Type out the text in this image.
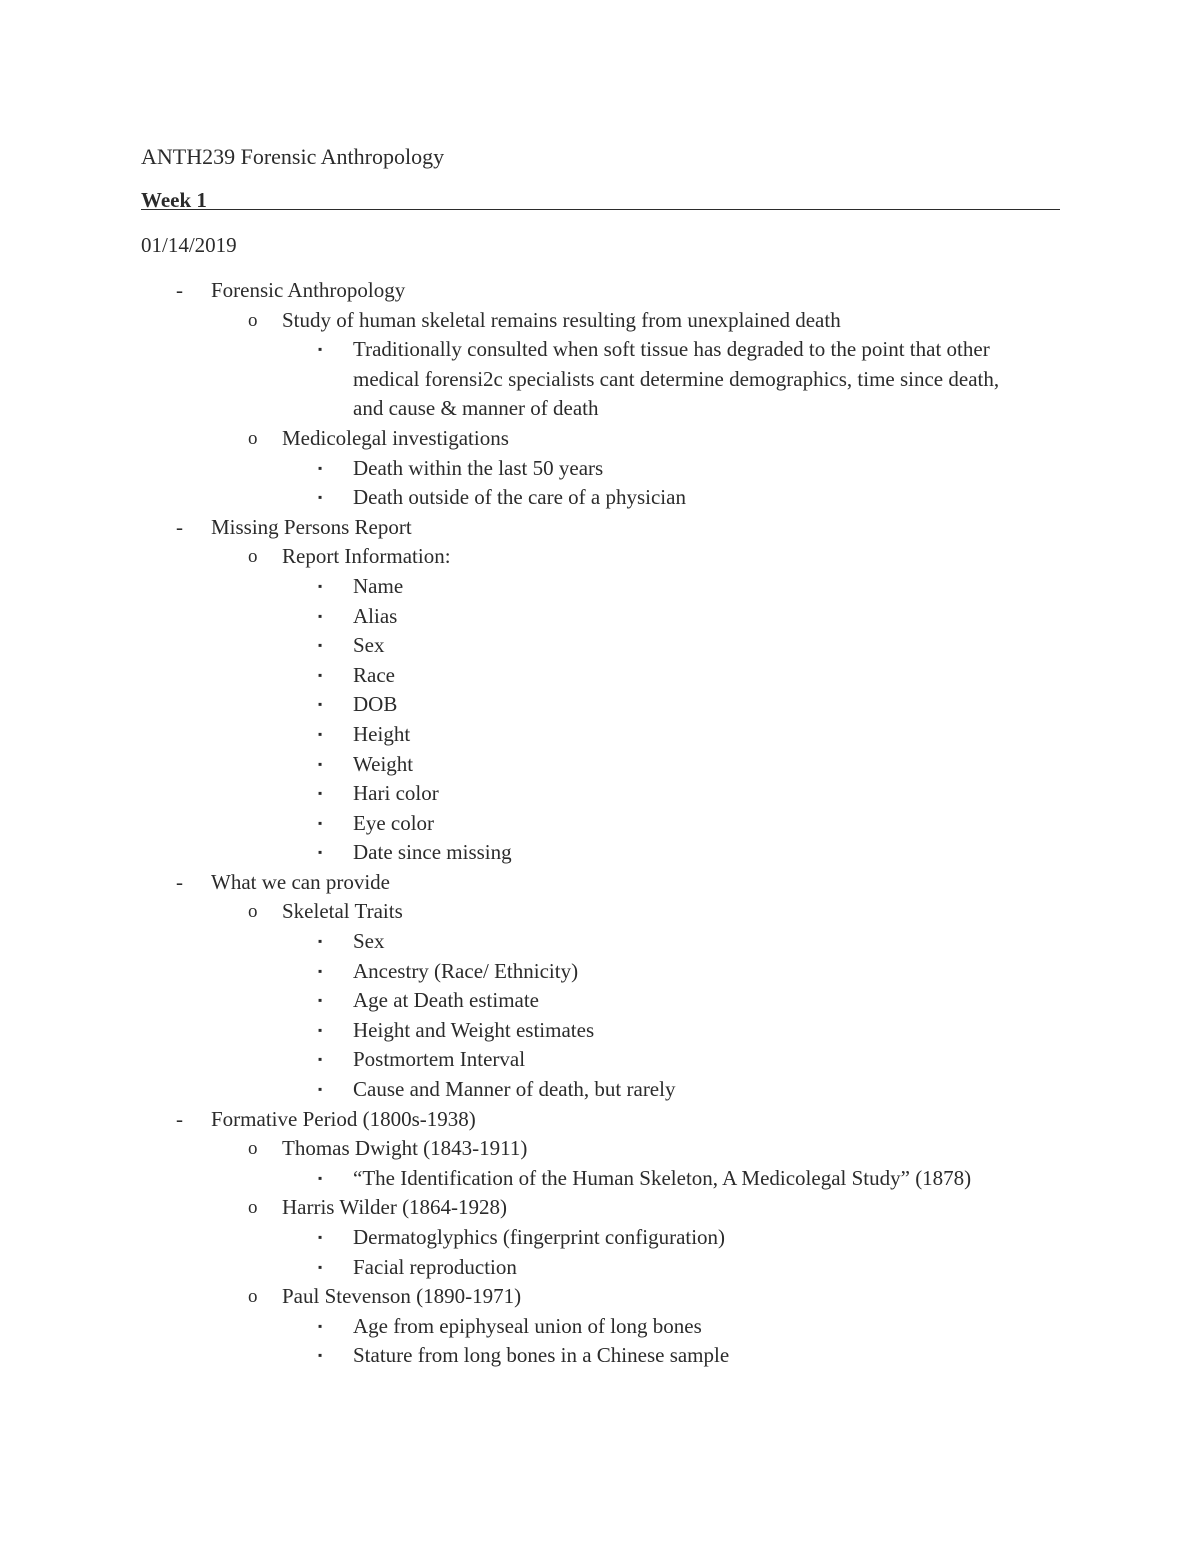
ANTH239 Forensic Anthropology
Week 1
01/14/2019
- Forensic Anthropology
o Study of human skeletal remains resulting from unexplained death
▪ Traditionally consulted when soft tissue has degraded to the point that other medical forensi2c specialists cant determine demographics, time since death, and cause & manner of death
o Medicolegal investigations
▪ Death within the last 50 years
▪ Death outside of the care of a physician
- Missing Persons Report
o Report Information:
▪ Name
▪ Alias
▪ Sex
▪ Race
▪ DOB
▪ Height
▪ Weight
▪ Hari color
▪ Eye color
▪ Date since missing
- What we can provide
o Skeletal Traits
▪ Sex
▪ Ancestry (Race/ Ethnicity)
▪ Age at Death estimate
▪ Height and Weight estimates
▪ Postmortem Interval
▪ Cause and Manner of death, but rarely
- Formative Period (1800s-1938)
o Thomas Dwight (1843-1911)
▪ “The Identification of the Human Skeleton, A Medicolegal Study” (1878)
o Harris Wilder (1864-1928)
▪ Dermatoglyphics (fingerprint configuration)
▪ Facial reproduction
o Paul Stevenson (1890-1971)
▪ Age from epiphyseal union of long bones
▪ Stature from long bones in a Chinese sample
